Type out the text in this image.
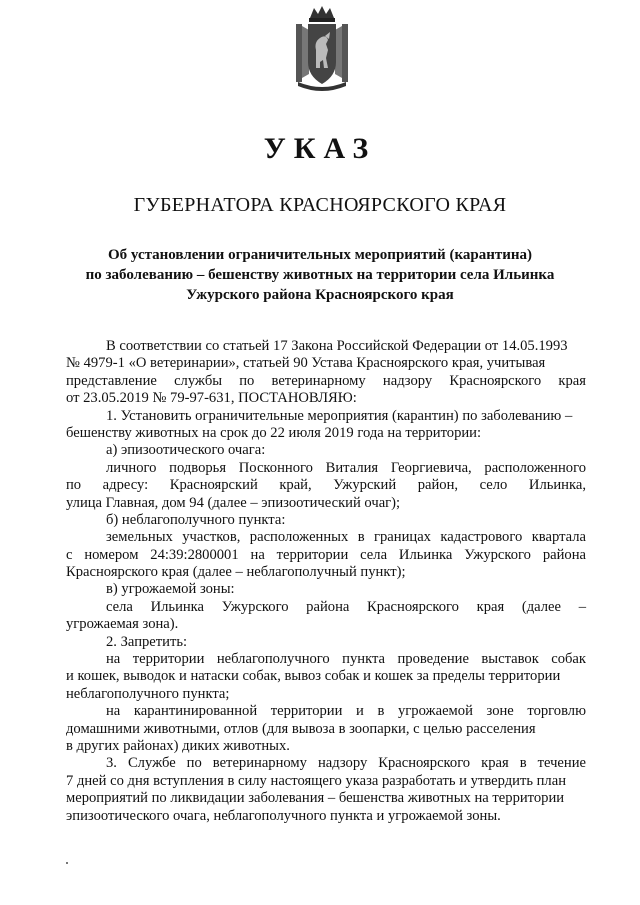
УКАЗ
ГУБЕРНАТОРА КРАСНОЯРСКОГО КРАЯ
Об установлении ограничительных мероприятий (карантина)
по заболеванию – бешенству животных на территории села Ильинка
Ужурского района Красноярского края
В соответствии со статьей 17 Закона Российской Федерации от 14.05.1993
№ 4979-1 «О ветеринарии», статьей 90 Устава Красноярского края, учитывая
представление службы по ветеринарному надзору Красноярского края
от 23.05.2019 № 79-97-631, ПОСТАНОВЛЯЮ:
1. Установить ограничительные мероприятия (карантин) по заболеванию –
бешенству животных на срок до 22 июля 2019 года на территории:
а) эпизоотического очага:
личного подворья Посконного Виталия Георгиевича, расположенного
по адресу: Красноярский край, Ужурский район, село Ильинка,
улица Главная, дом 94 (далее – эпизоотический очаг);
б) неблагополучного пункта:
земельных участков, расположенных в границах кадастрового квартала
с номером 24:39:2800001 на территории села Ильинка Ужурского района
Красноярского края (далее – неблагополучный пункт);
в) угрожаемой зоны:
села Ильинка Ужурского района Красноярского края (далее –
угрожаемая зона).
2. Запретить:
на территории неблагополучного пункта проведение выставок собак
и кошек, выводок и натаски собак, вывоз собак и кошек за пределы территории
неблагополучного пункта;
на карантинированной территории и в угрожаемой зоне торговлю
домашними животными, отлов (для вывоза в зоопарки, с целью расселения
в других районах) диких животных.
3. Службе по ветеринарному надзору Красноярского края в течение
7 дней со дня вступления в силу настоящего указа разработать и утвердить план
мероприятий по ликвидации заболевания – бешенства животных на территории
эпизоотического очага, неблагополучного пункта и угрожаемой зоны.
